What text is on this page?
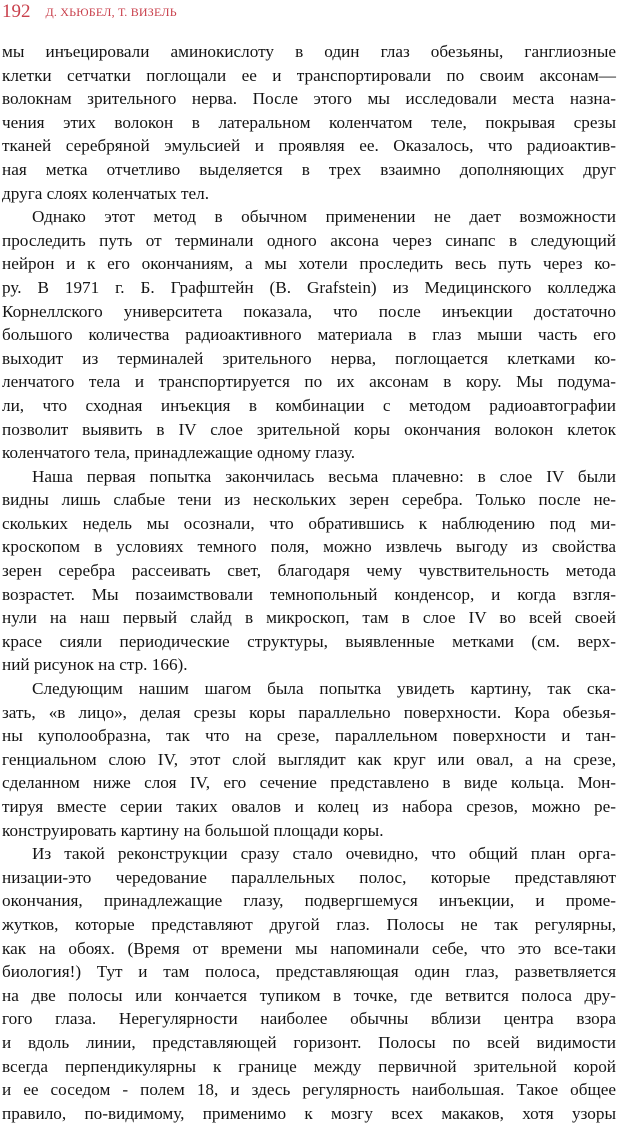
192 Д. ХЬЮБЕЛ, Т. ВИЗЕЛЬ
мы инъецировали аминокислоту в один глаз обезьяны, ганглиозные
клетки сетчатки поглощали ее и транспортировали по своим аксонам—
волокнам зрительного нерва. После этого мы исследовали места назна-
чения этих волокон в латеральном коленчатом теле, покрывая срезы
тканей серебряной эмульсией и проявляя ее. Оказалось, что радиоактив-
ная метка отчетливо выделяется в трех взаимно дополняющих друг
друга слоях коленчатых тел.
Однако этот метод в обычном применении не дает возможности
проследить путь от терминали одного аксона через синапс в следующий
нейрон и к его окончаниям, а мы хотели проследить весь путь через ко-
ру. В 1971 г. Б. Графштейн (B. Grafstein) из Медицинского колледжа
Корнеллского университета показала, что после инъекции достаточно
большого количества радиоактивного материала в глаз мыши часть его
выходит из терминалей зрительного нерва, поглощается клетками ко-
ленчатого тела и транспортируется по их аксонам в кору. Мы подума-
ли, что сходная инъекция в комбинации с методом радиоавтографии
позволит выявить в IV слое зрительной коры окончания волокон клеток
коленчатого тела, принадлежащие одному глазу.
Наша первая попытка закончилась весьма плачевно: в слое IV были
видны лишь слабые тени из нескольких зерен серебра. Только после не-
скольких недель мы осознали, что обратившись к наблюдению под ми-
кроскопом в условиях темного поля, можно извлечь выгоду из свойства
зерен серебра рассеивать свет, благодаря чему чувствительность метода
возрастет. Мы позаимствовали темнопольный конденсор, и когда взгля-
нули на наш первый слайд в микроскоп, там в слое IV во всей своей
красе сияли периодические структуры, выявленные метками (см. верх-
ний рисунок на стр. 166).
Следующим нашим шагом была попытка увидеть картину, так ска-
зать, «в лицо», делая срезы коры параллельно поверхности. Кора обезья-
ны куполообразна, так что на срезе, параллельном поверхности и тан-
генциальном слою IV, этот слой выглядит как круг или овал, а на срезе,
сделанном ниже слоя IV, его сечение представлено в виде кольца. Мон-
тируя вместе серии таких овалов и колец из набора срезов, можно ре-
конструировать картину на большой площади коры.
Из такой реконструкции сразу стало очевидно, что общий план орга-
низации-это чередование параллельных полос, которые представляют
окончания, принадлежащие глазу, подвергшемуся инъекции, и проме-
жутков, которые представляют другой глаз. Полосы не так регулярны,
как на обоях. (Время от времени мы напоминали себе, что это все-таки
биология!) Тут и там полоса, представляющая один глаз, разветвляется
на две полосы или кончается тупиком в точке, где ветвится полоса дру-
гого глаза. Нерегулярности наиболее обычны вблизи центра взора
и вдоль линии, представляющей горизонт. Полосы по всей видимости
всегда перпендикулярны к границе между первичной зрительной корой
и ее соседом - полем 18, и здесь регулярность наибольшая. Такое общее
правило, по-видимому, применимо к мозгу всех макаков, хотя узоры
